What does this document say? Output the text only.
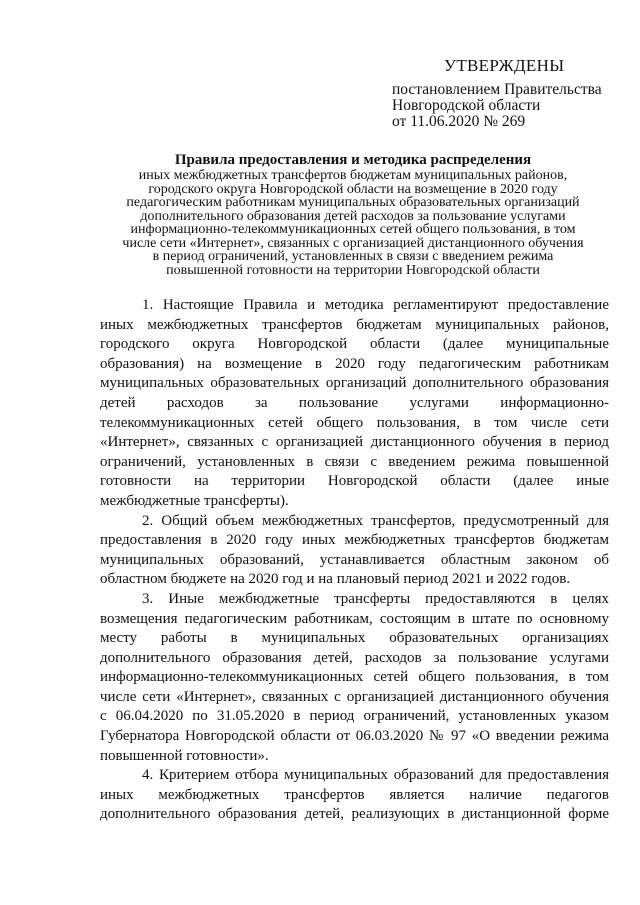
УТВЕРЖДЕНЫ
постановлением Правительства
Новгородской области
от 11.06.2020 № 269
Правила предоставления и методика распределения
иных межбюджетных трансфертов бюджетам муниципальных районов,
городского округа Новгородской области на возмещение в 2020 году
педагогическим работникам муниципальных образовательных организаций
дополнительного образования детей расходов за пользование услугами
информационно-телекоммуникационных сетей общего пользования, в том
числе сети «Интернет», связанных с организацией дистанционного обучения
в период ограничений, установленных в связи с введением режима
повышенной готовности на территории Новгородской области
1. Настоящие Правила и методика регламентируют предоставление
иных межбюджетных трансфертов бюджетам муниципальных районов,
городского округа Новгородской области (далее муниципальные
образования) на возмещение в 2020 году педагогическим работникам
муниципальных образовательных организаций дополнительного образования
детей расходов за пользование услугами информационно-
телекоммуникационных сетей общего пользования, в том числе сети
«Интернет», связанных с организацией дистанционного обучения в период
ограничений, установленных в связи с введением режима повышенной
готовности на территории Новгородской области (далее иные
межбюджетные трансферты).
2. Общий объем межбюджетных трансфертов, предусмотренный для
предоставления в 2020 году иных межбюджетных трансфертов бюджетам
муниципальных образований, устанавливается областным законом об
областном бюджете на 2020 год и на плановый период 2021 и 2022 годов.
3. Иные межбюджетные трансферты предоставляются в целях
возмещения педагогическим работникам, состоящим в штате по основному
месту работы в муниципальных образовательных организациях
дополнительного образования детей, расходов за пользование услугами
информационно-телекоммуникационных сетей общего пользования, в том
числе сети «Интернет», связанных с организацией дистанционного обучения
с 06.04.2020 по 31.05.2020 в период ограничений, установленных указом
Губернатора Новгородской области от 06.03.2020 № 97 «О введении режима
повышенной готовности».
4. Критерием отбора муниципальных образований для предоставления
иных межбюджетных трансфертов является наличие педагогов
дополнительного образования детей, реализующих в дистанционной форме
